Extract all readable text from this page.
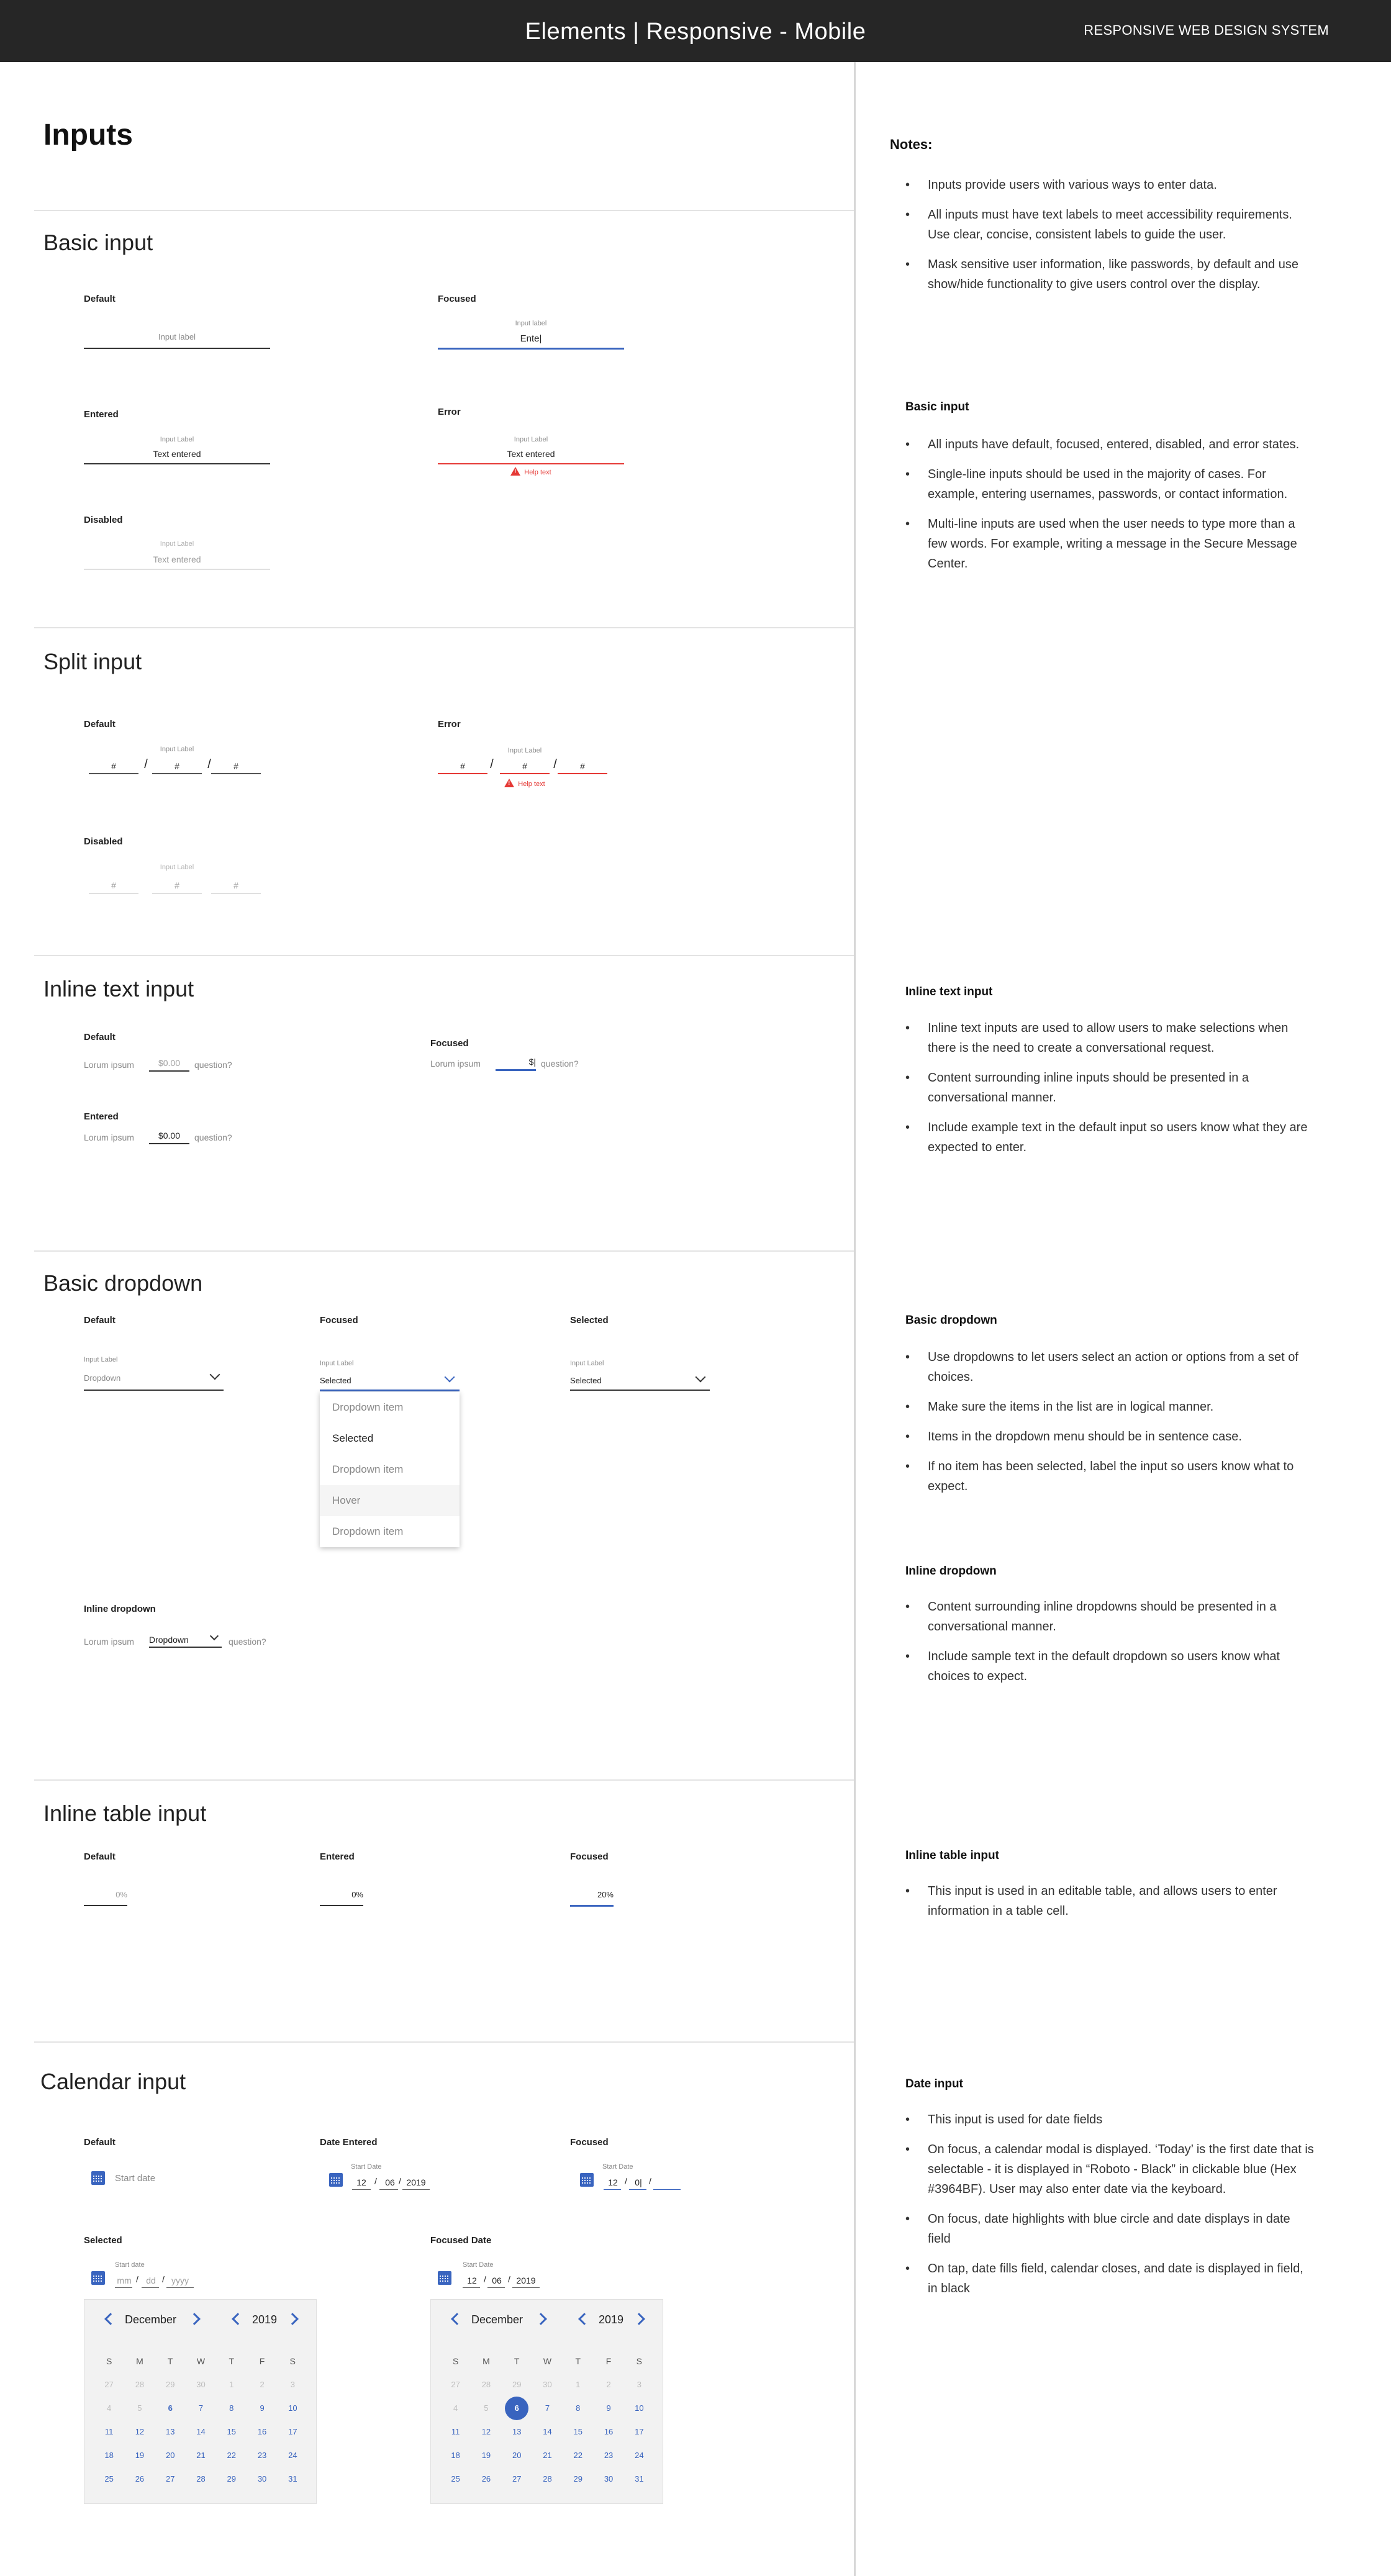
Elements | Responsive - Mobile	RESPONSIVE WEB DESIGN SYSTEM
Inputs
Basic input
Default
Input label
Focused
Input label
Ente|
Entered
Input Label
Text entered
Error
Input Label
Text entered
!Help text
Disabled
Input Label
Text entered
Split input
Default
Input Label
#	/	#	/	#
Error
Input Label
#	/	#	/	#
!Help text
Disabled
Input Label
#	#	#
Inline text input
Default
Lorum ipsum	$0.00	question?
Focused
Lorum ipsum	$| question?
Entered
Lorum ipsum	$0.00	question?
Basic dropdown
Default
Input Label
Dropdown
Focused
Input Label
Selected
Dropdown item
Selected
Dropdown item
Hover
Dropdown item
Selected
Input Label
Selected
Inline dropdown
Lorum ipsum Dropdown	question?
Inline table input
Default
0%
Entered
0%
Focused
20%
Calendar input
Default
Start date
Date Entered
Start Date
12 / 06 / 2019
Focused
Start Date
12 / 0| /
Selected
Start date
mm / dd / yyyy
December	2019
S	M	T	W	T	F	S
27	28	29	30	1	2	3
4	5	6	7	8	9	10
11	12	13	14	15	16	17
18	19	20	21	22	23	24
25	26	27	28	29	30	31
Focused Date
Start Date
12 / 06 / 2019
December	2019
S	M	T	W	T	F	S
27	28	29	30	1	2	3
4	5	6	7	8	9	10
11	12	13	14	15	16	17
18	19	20	21	22	23	24
25	26	27	28	29	30	31
Notes:
• Inputs provide users with various ways to enter data.
• All inputs must have text labels to meet accessibility requirements. Use clear, concise, consistent labels to guide the user.
• Mask sensitive user information, like passwords, by default and use show/hide functionality to give users control over the display.
Basic input
• All inputs have default, focused, entered, disabled, and error states.
• Single-line inputs should be used in the majority of cases. For example, entering usernames, passwords, or contact information.
• Multi-line inputs are used when the user needs to type more than a few words. For example, writing a message in the Secure Message Center.
Inline text input
• Inline text inputs are used to allow users to make selections when there is the need to create a conversational request.
• Content surrounding inline inputs should be presented in a conversational manner.
• Include example text in the default input so users know what they are expected to enter.
Basic dropdown
• Use dropdowns to let users select an action or options from a set of choices.
• Make sure the items in the list are in logical manner.
• Items in the dropdown menu should be in sentence case.
• If no item has been selected, label the input so users know what to expect.
Inline dropdown
• Content surrounding inline dropdowns should be presented in a conversational manner.
• Include sample text in the default dropdown so users know what choices to expect.
Inline table input
• This input is used in an editable table, and allows users to enter information in a table cell.
Date input
• This input is used for date fields
• On focus, a calendar modal is displayed. ‘Today’ is the first date that is selectable - it is displayed in “Roboto - Black” in clickable blue (Hex #3964BF). User may also enter date via the keyboard.
• On focus, date highlights with blue circle and date displays in date field
• On tap, date fills field, calendar closes, and date is displayed in field, in black
